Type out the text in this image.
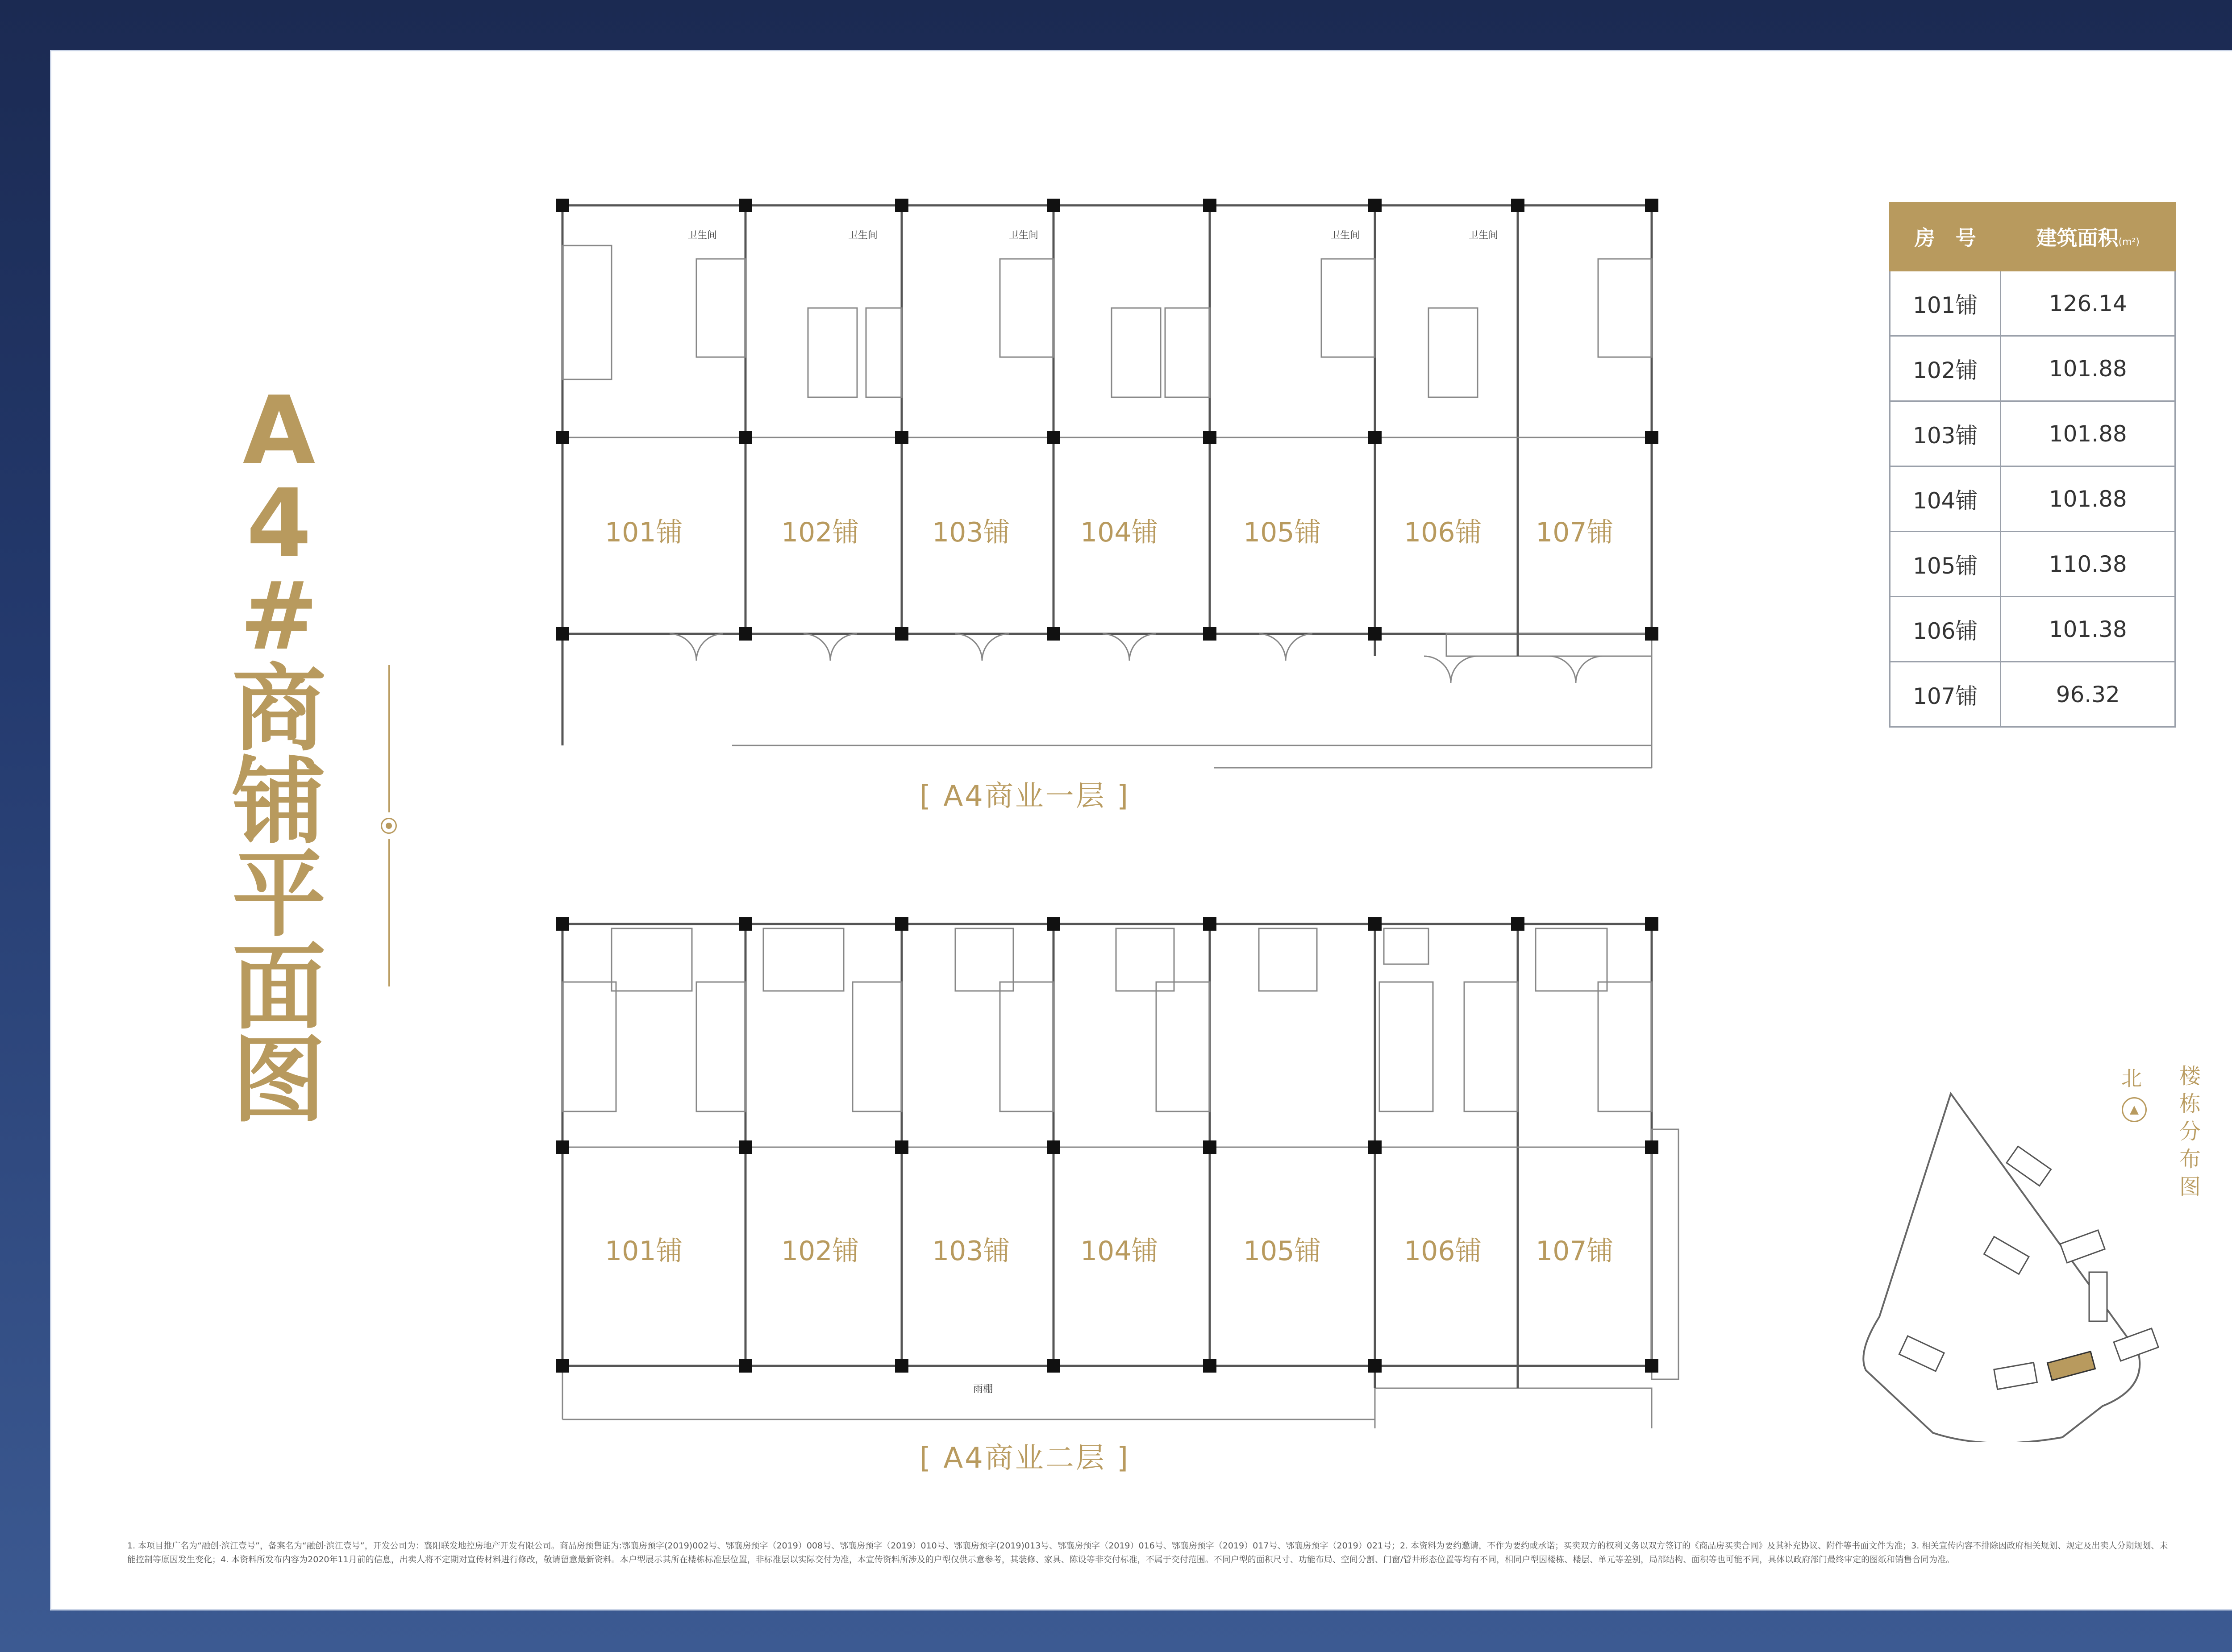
A
4
#
商
铺
平
面
图
卫生间	卫生间	卫生间	卫生间	卫生间
101铺	102铺	103铺	104铺	105铺	106铺 107铺
[ A4商业一层 ]
雨棚
101铺	102铺	103铺	104铺	105铺	106铺 107铺
[ A4商业二层 ]
房　号	建筑面积(m²)
101铺	126.14
102铺	101.88
103铺	101.88
104铺	101.88
105铺	110.38
106铺	101.38
107铺	96.32
北
▲
楼栋分布图
1. 本项目推广名为“融创·滨江壹号”，备案名为“融创·滨江壹号”，开发公司为：襄阳联发地控房地产开发有限公司。商品房预售证为:鄂襄房预字(2019)002号、鄂襄房预字（2019）008号、鄂襄房预字（2019）010号、鄂襄房预字(2019)013号、鄂襄房预字（2019）016号、鄂襄房预字（2019）017号、鄂襄房预字（2019）021号；2. 本资料为要约邀请，不作为要约或承诺；买卖双方的权利义务以双方签订的《商品房买卖合同》及其补充协议、附件等书面文件为准；3. 相关宣传内容不排除因政府相关规划、规定及出卖人分期规划、未能控制等原因发生变化；4. 本资料所发布内容为2020年11月前的信息，出卖人将不定期对宣传材料进行修改，敬请留意最新资料。本户型展示其所在楼栋标准层位置，非标准层以实际交付为准，本宣传资料所涉及的户型仅供示意参考，其装修、家具、陈设等非交付标准，不属于交付范围。不同户型的面积尺寸、功能布局、空间分割、门窗/管井形态位置等均有不同，相同户型因楼栋、楼层、单元等差别，局部结构、面积等也可能不同，具体以政府部门最终审定的图纸和销售合同为准。
